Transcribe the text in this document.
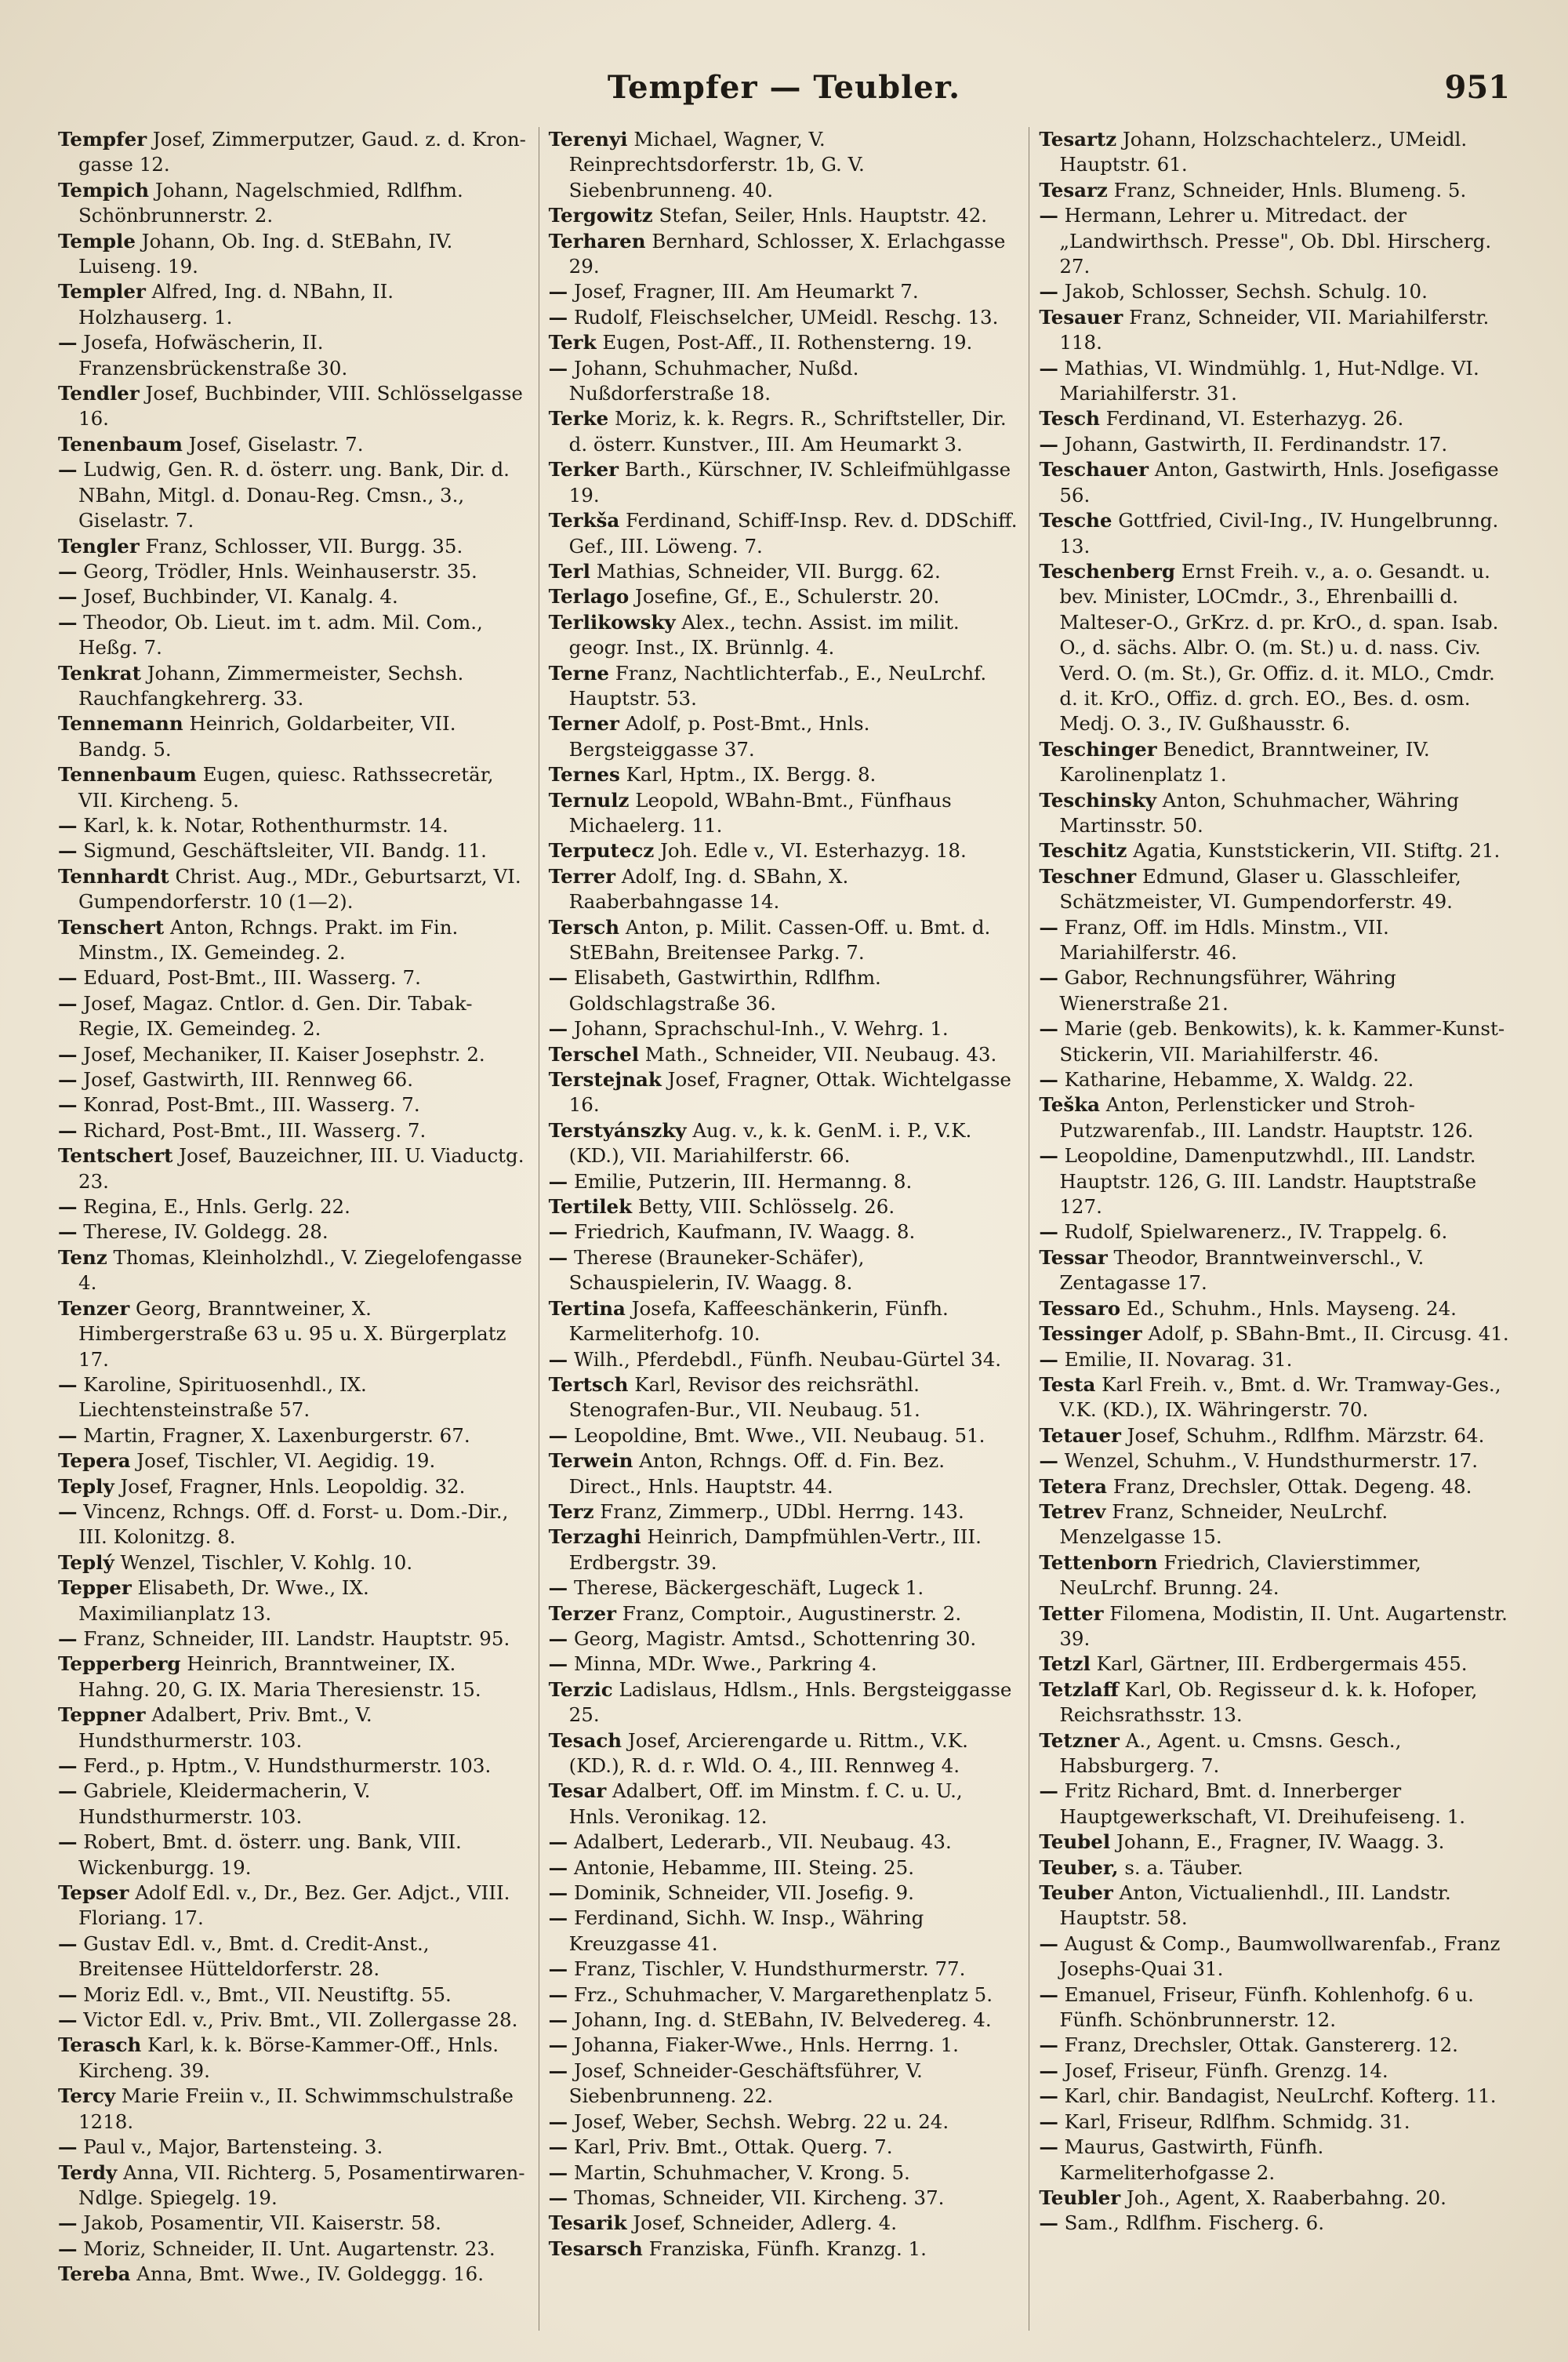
Tempfer — Teubler.	951
Tempfer Josef, Zimmerputzer, Gaud. z. d. Kron-gasse 12.
Tempich Johann, Nagelschmied, Rdlfhm. Schönbrunnerstr. 2.
Temple Johann, Ob. Ing. d. StEBahn, IV. Luiseng. 19.
Templer Alfred, Ing. d. NBahn, II. Holzhauserg. 1.
— Josefa, Hofwäscherin, II. Franzensbrückenstraße 30.
Tendler Josef, Buchbinder, VIII. Schlösselgasse 16.
Tenenbaum Josef, Giselastr. 7.
— Ludwig, Gen. R. d. österr. ung. Bank, Dir. d. NBahn, Mitgl. d. Donau-Reg. Cmsn., 3., Giselastr. 7.
Tengler Franz, Schlosser, VII. Burgg. 35.
— Georg, Trödler, Hnls. Weinhauserstr. 35.
— Josef, Buchbinder, VI. Kanalg. 4.
— Theodor, Ob. Lieut. im t. adm. Mil. Com., Heßg. 7.
Tenkrat Johann, Zimmermeister, Sechsh. Rauchfangkehrerg. 33.
Tennemann Heinrich, Goldarbeiter, VII. Bandg. 5.
Tennenbaum Eugen, quiesc. Rathssecretär, VII. Kircheng. 5.
— Karl, k. k. Notar, Rothenthurmstr. 14.
— Sigmund, Geschäftsleiter, VII. Bandg. 11.
Tennhardt Christ. Aug., MDr., Geburtsarzt, VI. Gumpendorferstr. 10 (1—2).
Tenschert Anton, Rchngs. Prakt. im Fin. Minstm., IX. Gemeindeg. 2.
— Eduard, Post-Bmt., III. Wasserg. 7.
— Josef, Magaz. Cntlor. d. Gen. Dir. Tabak-Regie, IX. Gemeindeg. 2.
— Josef, Mechaniker, II. Kaiser Josephstr. 2.
— Josef, Gastwirth, III. Rennweg 66.
— Konrad, Post-Bmt., III. Wasserg. 7.
— Richard, Post-Bmt., III. Wasserg. 7.
Tentschert Josef, Bauzeichner, III. U. Viaductg. 23.
— Regina, E., Hnls. Gerlg. 22.
— Therese, IV. Goldegg. 28.
Tenz Thomas, Kleinholzhdl., V. Ziegelofengasse 4.
Tenzer Georg, Branntweiner, X. Himbergerstraße 63 u. 95 u. X. Bürgerplatz 17.
— Karoline, Spirituosenhdl., IX. Liechtensteinstraße 57.
— Martin, Fragner, X. Laxenburgerstr. 67.
Tepera Josef, Tischler, VI. Aegidig. 19.
Teply Josef, Fragner, Hnls. Leopoldig. 32.
— Vincenz, Rchngs. Off. d. Forst- u. Dom.-Dir., III. Kolonitzg. 8.
Teplý Wenzel, Tischler, V. Kohlg. 10.
Tepper Elisabeth, Dr. Wwe., IX. Maximilianplatz 13.
— Franz, Schneider, III. Landstr. Hauptstr. 95.
Tepperberg Heinrich, Branntweiner, IX. Hahng. 20, G. IX. Maria Theresienstr. 15.
Teppner Adalbert, Priv. Bmt., V. Hundsthurmerstr. 103.
— Ferd., p. Hptm., V. Hundsthurmerstr. 103.
— Gabriele, Kleidermacherin, V. Hundsthurmerstr. 103.
— Robert, Bmt. d. österr. ung. Bank, VIII. Wickenburgg. 19.
Tepser Adolf Edl. v., Dr., Bez. Ger. Adjct., VIII. Floriang. 17.
— Gustav Edl. v., Bmt. d. Credit-Anst., Breitensee Hütteldorferstr. 28.
— Moriz Edl. v., Bmt., VII. Neustiftg. 55.
— Victor Edl. v., Priv. Bmt., VII. Zollergasse 28.
Terasch Karl, k. k. Börse-Kammer-Off., Hnls. Kircheng. 39.
Tercy Marie Freiin v., II. Schwimmschulstraße 1218.
— Paul v., Major, Bartensteing. 3.
Terdy Anna, VII. Richterg. 5, Posamentirwaren-Ndlge. Spiegelg. 19.
— Jakob, Posamentir, VII. Kaiserstr. 58.
— Moriz, Schneider, II. Unt. Augartenstr. 23.
Tereba Anna, Bmt. Wwe., IV. Goldeggg. 16.
Terenyi Michael, Wagner, V. Reinprechtsdorferstr. 1b, G. V. Siebenbrunneng. 40.
Tergowitz Stefan, Seiler, Hnls. Hauptstr. 42.
Terharen Bernhard, Schlosser, X. Erlachgasse 29.
— Josef, Fragner, III. Am Heumarkt 7.
— Rudolf, Fleischselcher, UMeidl. Reschg. 13.
Terk Eugen, Post-Aff., II. Rothensterng. 19.
— Johann, Schuhmacher, Nußd. Nußdorferstraße 18.
Terke Moriz, k. k. Regrs. R., Schriftsteller, Dir. d. österr. Kunstver., III. Am Heumarkt 3.
Terker Barth., Kürschner, IV. Schleifmühlgasse 19.
Terkša Ferdinand, Schiff-Insp. Rev. d. DDSchiff. Gef., III. Löweng. 7.
Terl Mathias, Schneider, VII. Burgg. 62.
Terlago Josefine, Gf., E., Schulerstr. 20.
Terlikowsky Alex., techn. Assist. im milit. geogr. Inst., IX. Brünnlg. 4.
Terne Franz, Nachtlichterfab., E., NeuLrchf. Hauptstr. 53.
Terner Adolf, p. Post-Bmt., Hnls. Bergsteiggasse 37.
Ternes Karl, Hptm., IX. Bergg. 8.
Ternulz Leopold, WBahn-Bmt., Fünfhaus Michaelerg. 11.
Terputecz Joh. Edle v., VI. Esterhazyg. 18.
Terrer Adolf, Ing. d. SBahn, X. Raaberbahngasse 14.
Tersch Anton, p. Milit. Cassen-Off. u. Bmt. d. StEBahn, Breitensee Parkg. 7.
— Elisabeth, Gastwirthin, Rdlfhm. Goldschlagstraße 36.
— Johann, Sprachschul-Inh., V. Wehrg. 1.
Terschel Math., Schneider, VII. Neubaug. 43.
Terstejnak Josef, Fragner, Ottak. Wichtelgasse 16.
Terstyánszky Aug. v., k. k. GenM. i. P., V.K. (KD.), VII. Mariahilferstr. 66.
— Emilie, Putzerin, III. Hermanng. 8.
Tertilek Betty, VIII. Schlösselg. 26.
— Friedrich, Kaufmann, IV. Waagg. 8.
— Therese (Brauneker-Schäfer), Schauspielerin, IV. Waagg. 8.
Tertina Josefa, Kaffeeschänkerin, Fünfh. Karmeliterhofg. 10.
— Wilh., Pferdebdl., Fünfh. Neubau-Gürtel 34.
Tertsch Karl, Revisor des reichsräthl. Stenografen-Bur., VII. Neubaug. 51.
— Leopoldine, Bmt. Wwe., VII. Neubaug. 51.
Terwein Anton, Rchngs. Off. d. Fin. Bez. Direct., Hnls. Hauptstr. 44.
Terz Franz, Zimmerp., UDbl. Herrng. 143.
Terzaghi Heinrich, Dampfmühlen-Vertr., III. Erdbergstr. 39.
— Therese, Bäckergeschäft, Lugeck 1.
Terzer Franz, Comptoir., Augustinerstr. 2.
— Georg, Magistr. Amtsd., Schottenring 30.
— Minna, MDr. Wwe., Parkring 4.
Terzic Ladislaus, Hdlsm., Hnls. Bergsteiggasse 25.
Tesach Josef, Arcierengarde u. Rittm., V.K. (KD.), R. d. r. Wld. O. 4., III. Rennweg 4.
Tesar Adalbert, Off. im Minstm. f. C. u. U., Hnls. Veronikag. 12.
— Adalbert, Lederarb., VII. Neubaug. 43.
— Antonie, Hebamme, III. Steing. 25.
— Dominik, Schneider, VII. Josefig. 9.
— Ferdinand, Sichh. W. Insp., Währing Kreuzgasse 41.
— Franz, Tischler, V. Hundsthurmerstr. 77.
— Frz., Schuhmacher, V. Margarethenplatz 5.
— Johann, Ing. d. StEBahn, IV. Belvedereg. 4.
— Johanna, Fiaker-Wwe., Hnls. Herrng. 1.
— Josef, Schneider-Geschäftsführer, V. Siebenbrunneng. 22.
— Josef, Weber, Sechsh. Webrg. 22 u. 24.
— Karl, Priv. Bmt., Ottak. Querg. 7.
— Martin, Schuhmacher, V. Krong. 5.
— Thomas, Schneider, VII. Kircheng. 37.
Tesarik Josef, Schneider, Adlerg. 4.
Tesarsch Franziska, Fünfh. Kranzg. 1.
Tesartz Johann, Holzschachtelerz., UMeidl. Hauptstr. 61.
Tesarz Franz, Schneider, Hnls. Blumeng. 5.
— Hermann, Lehrer u. Mitredact. der „Landwirthsch. Presse", Ob. Dbl. Hirscherg. 27.
— Jakob, Schlosser, Sechsh. Schulg. 10.
Tesauer Franz, Schneider, VII. Mariahilferstr. 118.
— Mathias, VI. Windmühlg. 1, Hut-Ndlge. VI. Mariahilferstr. 31.
Tesch Ferdinand, VI. Esterhazyg. 26.
— Johann, Gastwirth, II. Ferdinandstr. 17.
Teschauer Anton, Gastwirth, Hnls. Josefigasse 56.
Tesche Gottfried, Civil-Ing., IV. Hungelbrunng. 13.
Teschenberg Ernst Freih. v., a. o. Gesandt. u. bev. Minister, LOCmdr., 3., Ehrenbailli d. Malteser-O., GrKrz. d. pr. KrO., d. span. Isab. O., d. sächs. Albr. O. (m. St.) u. d. nass. Civ. Verd. O. (m. St.), Gr. Offiz. d. it. MLO., Cmdr. d. it. KrO., Offiz. d. grch. EO., Bes. d. osm. Medj. O. 3., IV. Gußhausstr. 6.
Teschinger Benedict, Branntweiner, IV. Karolinenplatz 1.
Teschinsky Anton, Schuhmacher, Währing Martinsstr. 50.
Teschitz Agatia, Kunststickerin, VII. Stiftg. 21.
Teschner Edmund, Glaser u. Glasschleifer, Schätzmeister, VI. Gumpendorferstr. 49.
— Franz, Off. im Hdls. Minstm., VII. Mariahilferstr. 46.
— Gabor, Rechnungsführer, Währing Wienerstraße 21.
— Marie (geb. Benkowits), k. k. Kammer-Kunst-Stickerin, VII. Mariahilferstr. 46.
— Katharine, Hebamme, X. Waldg. 22.
Teška Anton, Perlensticker und Stroh-Putzwarenfab., III. Landstr. Hauptstr. 126.
— Leopoldine, Damenputzwhdl., III. Landstr. Hauptstr. 126, G. III. Landstr. Hauptstraße 127.
— Rudolf, Spielwarenerz., IV. Trappelg. 6.
Tessar Theodor, Branntweinverschl., V. Zentagasse 17.
Tessaro Ed., Schuhm., Hnls. Mayseng. 24.
Tessinger Adolf, p. SBahn-Bmt., II. Circusg. 41.
— Emilie, II. Novarag. 31.
Testa Karl Freih. v., Bmt. d. Wr. Tramway-Ges., V.K. (KD.), IX. Währingerstr. 70.
Tetauer Josef, Schuhm., Rdlfhm. Märzstr. 64.
— Wenzel, Schuhm., V. Hundsthurmerstr. 17.
Tetera Franz, Drechsler, Ottak. Degeng. 48.
Tetrev Franz, Schneider, NeuLrchf. Menzelgasse 15.
Tettenborn Friedrich, Clavierstimmer, NeuLrchf. Brunng. 24.
Tetter Filomena, Modistin, II. Unt. Augartenstr. 39.
Tetzl Karl, Gärtner, III. Erdbergermais 455.
Tetzlaff Karl, Ob. Regisseur d. k. k. Hofoper, Reichsrathsstr. 13.
Tetzner A., Agent. u. Cmsns. Gesch., Habsburgerg. 7.
— Fritz Richard, Bmt. d. Innerberger Hauptgewerkschaft, VI. Dreihufeiseng. 1.
Teubel Johann, E., Fragner, IV. Waagg. 3.
Teuber, s. a. Täuber.
Teuber Anton, Victualienhdl., III. Landstr. Hauptstr. 58.
— August & Comp., Baumwollwarenfab., Franz Josephs-Quai 31.
— Emanuel, Friseur, Fünfh. Kohlenhofg. 6 u. Fünfh. Schönbrunnerstr. 12.
— Franz, Drechsler, Ottak. Ganstererg. 12.
— Josef, Friseur, Fünfh. Grenzg. 14.
— Karl, chir. Bandagist, NeuLrchf. Kofterg. 11.
— Karl, Friseur, Rdlfhm. Schmidg. 31.
— Maurus, Gastwirth, Fünfh. Karmeliterhofgasse 2.
Teubler Joh., Agent, X. Raaberbahng. 20.
— Sam., Rdlfhm. Fischerg. 6.
